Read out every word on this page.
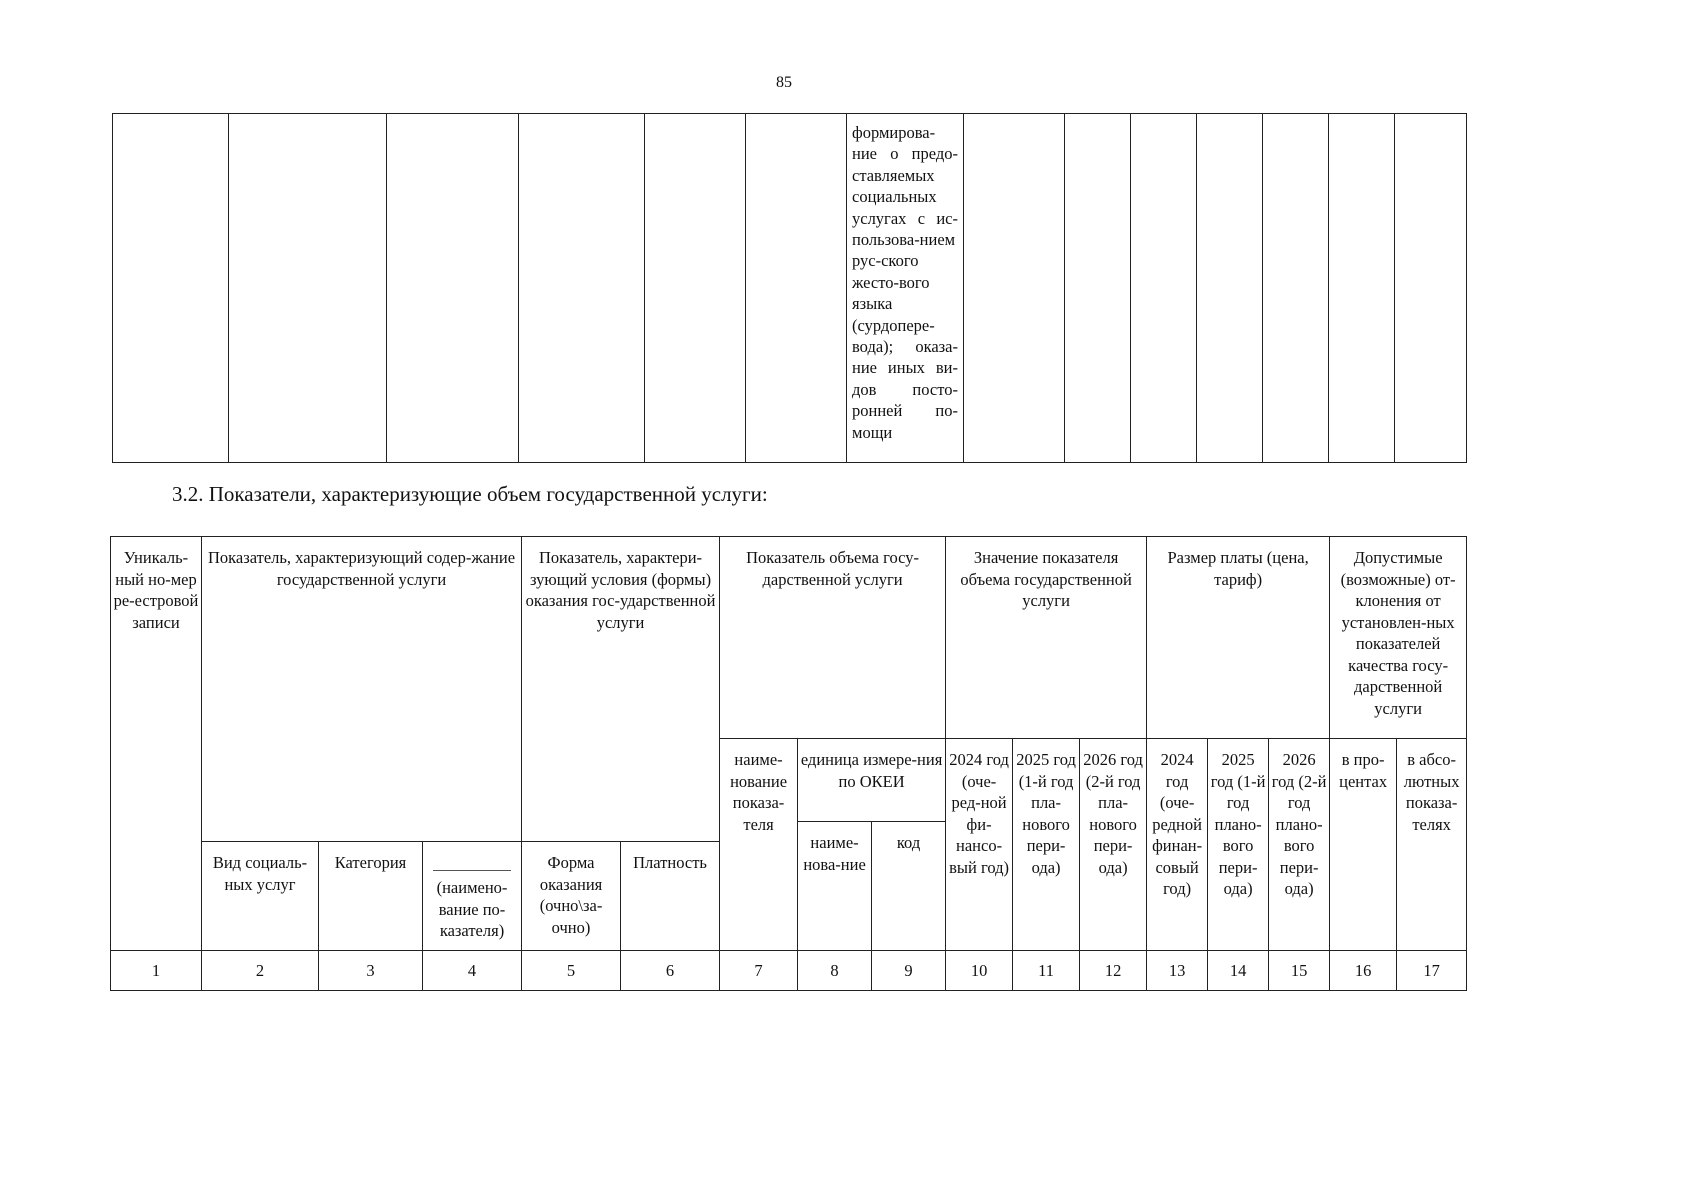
85
						формирова-ние о предо-ставляемых социальных услугах с ис-пользова-нием рус-ского жесто-вого языка (сурдопере-вода); оказа-ние иных ви-дов посто-ронней по-мощи							
3.2. Показатели, характеризующие объем государственной услуги:
Уникаль-ный но-мер ре-естровой записи	Показатель, характеризующий содер-жание государственной услуги			Показатель, характери-зующий условия (формы) оказания гос-ударственной услуги		Показатель объема госу-дарственной услуги			Значение показателя объема государственной услуги			Размер платы (цена, тариф)			Допустимые (возможные) от-клонения от установлен-ных показателей качества госу-дарственной услуги	
						наиме-нование показа-теля	единица измере-ния по ОКЕИ		2024 год (оче-ред-ной фи-нансо-вый год)	2025 год (1-й год пла-нового пери-ода)	2026 год (2-й год пла-нового пери-ода)	2024 год (оче-редной финан-совый год)	2025 год (1-й год плано-вого пери-ода)	2026 год (2-й год плано-вого пери-ода)	в про-центах	в абсо-лютных показа-телях
							наиме-нова-ние	код								
	Вид социаль-ных услуг	Категория	(наимено-вание по-казателя)	Форма оказания (очно\за-очно)	Платность											
1	2	3	4	5	6	7	8	9	10	11	12	13	14	15	16	17
